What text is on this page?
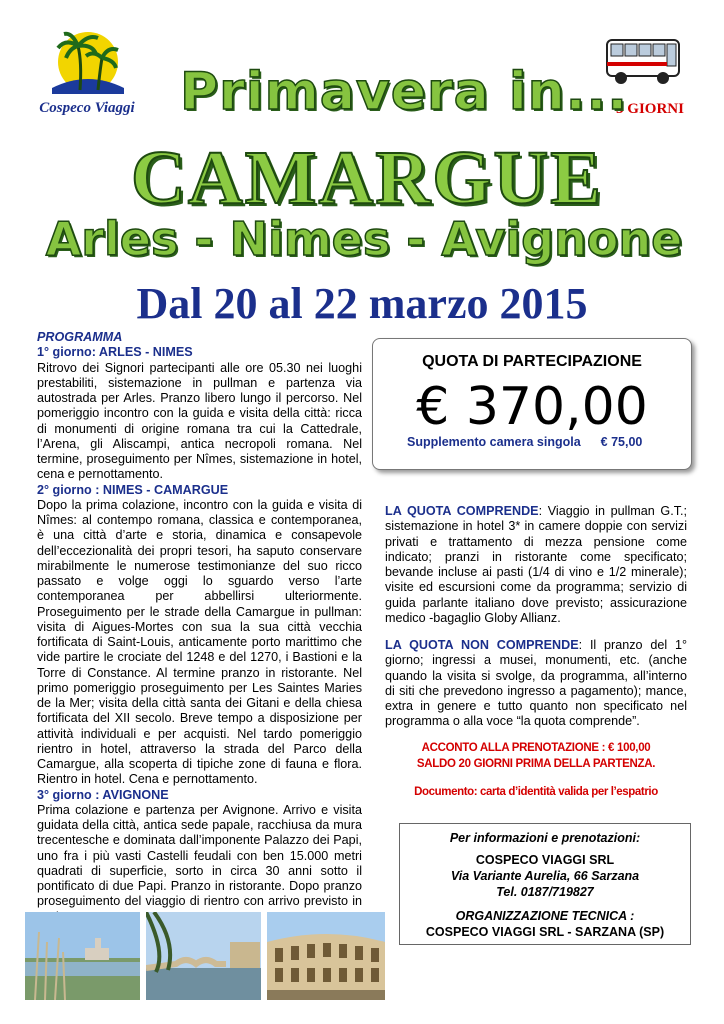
Cospeco Viaggi	3 GIORNI
Primavera in...
CAMARGUE
Arles - Nimes - Avignone
Dal 20 al 22 marzo 2015
PROGRAMMA
1° giorno: ARLES - NIMES

Ritrovo dei Signori partecipanti alle ore 05.30 nei luoghi prestabiliti, sistemazione in pullman e partenza via autostrada per Arles. Pranzo libero lungo il percorso. Nel pomeriggio incontro con la guida e visita della città: ricca di monumenti di origine romana tra cui la Cattedrale, l’Arena, gli Aliscampi, antica necropoli romana. Nel termine, proseguimento per Nîmes, sistemazione in hotel, cena e pernottamento.

2° giorno : NIMES - CAMARGUE

Dopo la prima colazione, incontro con la guida e visita di Nîmes: al contempo romana, classica e contemporanea, è una città d’arte e storia, dinamica e consapevole dell’eccezionalità dei propri tesori, ha saputo conservare mirabilmente le numerose testimonianze del suo ricco passato e volge oggi lo sguardo verso l’arte contemporanea per abbellirsi ulteriormente. Proseguimento per le strade della Camargue in pullman: visita di Aigues-Mortes con sua la sua città vecchia fortificata di Saint-Louis, anticamente porto marittimo che vide partire le crociate del 1248 e del 1270, i Bastioni e la Torre di Constance. Al termine pranzo in ristorante. Nel primo pomeriggio proseguimento per Les Saintes Maries de la Mer; visita della città santa dei Gitani e della chiesa fortificata del XII secolo. Breve tempo a disposizione per attività individuali e per acquisti. Nel tardo pomeriggio rientro in hotel, attraverso la strada del Parco della Camargue, alla scoperta di tipiche zone di fauna e flora. Rientro in hotel. Cena e pernottamento.

3° giorno : AVIGNONE

Prima colazione e partenza per Avignone. Arrivo e visita guidata della città, antica sede papale, racchiusa da mura trecentesche e dominata dall’imponente Palazzo dei Papi, uno fra i più vasti Castelli feudali con ben 15.000 metri quadrati di superficie, sorto in circa 30 anni sotto il pontificato di due Papi. Pranzo in ristorante. Dopo pranzo proseguimento del viaggio di rientro con arrivo previsto in

QUOTA DI PARTECIPAZIONE
€ 370,00
Supplemento camera singola € 75,00
LA QUOTA COMPRENDE: Viaggio in pullman G.T.; sistemazione in hotel 3* in camere doppie con servizi privati e trattamento di mezza pensione come indicato; pranzi in ristorante come specificato; bevande incluse ai pasti (1/4 di vino e 1/2 minerale); visite ed escursioni come da programma; servizio di guida parlante italiano dove previsto; assicurazione medico -bagaglio Globy Allianz.
LA QUOTA NON COMPRENDE: Il pranzo del 1° giorno; ingressi a musei, monumenti, etc. (anche quando la visita si svolge, da programma, all’interno di siti che prevedono ingresso a pagamento); mance, extra in genere e tutto quanto non specificato nel programma o alla voce “la quota comprende”.
ACCONTO ALLA PRENOTAZIONE : € 100,00
SALDO 20 GIORNI PRIMA DELLA PARTENZA.
Documento: carta d’identità valida per l’espatrio
Per informazioni e prenotazioni:
COSPECO VIAGGI SRL
Via Variante Aurelia, 66 Sarzana
Tel. 0187/719827
ORGANIZZAZIONE TECNICA :
COSPECO VIAGGI SRL - SARZANA (SP)
